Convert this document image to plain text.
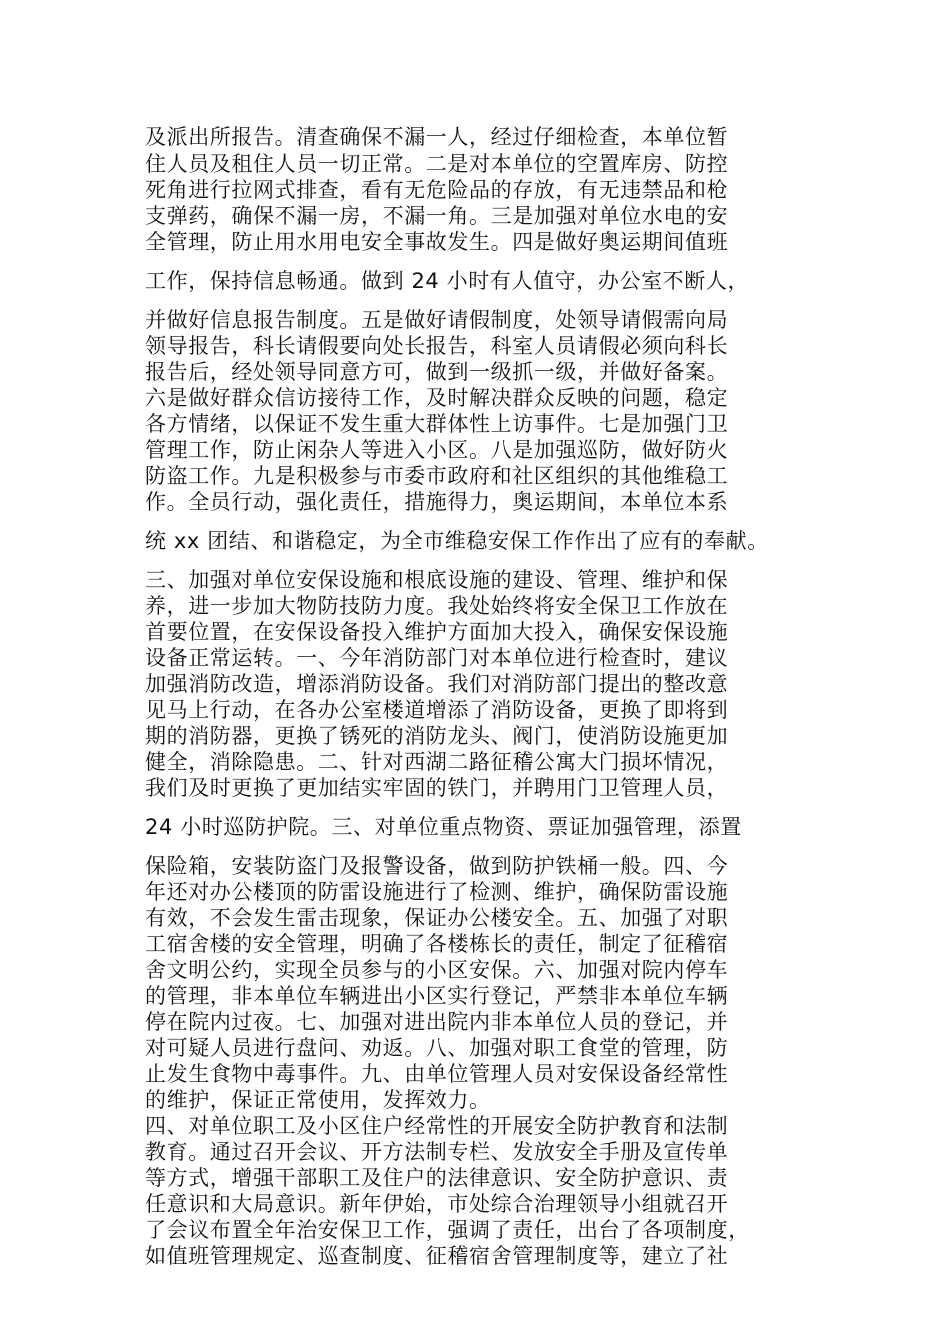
及派出所报告。清查确保不漏一人，经过仔细检查，本单位暂
住人员及租住人员一切正常。二是对本单位的空置库房、防控
死角进行拉网式排查，看有无危险品的存放，有无违禁品和枪
支弹药，确保不漏一房，不漏一角。三是加强对单位水电的安
全管理，防止用水用电安全事故发生。四是做好奥运期间值班
工作，保持信息畅通。做到 24 小时有人值守，办公室不断人，
并做好信息报告制度。五是做好请假制度，处领导请假需向局
领导报告，科长请假要向处长报告，科室人员请假必须向科长
报告后，经处领导同意方可，做到一级抓一级，并做好备案。
六是做好群众信访接待工作，及时解决群众反映的问题，稳定
各方情绪，以保证不发生重大群体性上访事件。七是加强门卫
管理工作，防止闲杂人等进入小区。八是加强巡防，做好防火
防盗工作。九是积极参与市委市政府和社区组织的其他维稳工
作。全员行动，强化责任，措施得力，奥运期间，本单位本系
统 xx 团结、和谐稳定，为全市维稳安保工作作出了应有的奉献。
三、加强对单位安保设施和根底设施的建设、管理、维护和保
养，进一步加大物防技防力度。我处始终将安全保卫工作放在
首要位置，在安保设备投入维护方面加大投入，确保安保设施
设备正常运转。一、今年消防部门对本单位进行检查时，建议
加强消防改造，增添消防设备。我们对消防部门提出的整改意
见马上行动，在各办公室楼道增添了消防设备，更换了即将到
期的消防器，更换了锈死的消防龙头、阀门，使消防设施更加
健全，消除隐患。二、针对西湖二路征稽公寓大门损坏情况，
我们及时更换了更加结实牢固的铁门，并聘用门卫管理人员，
24 小时巡防护院。三、对单位重点物资、票证加强管理，添置
保险箱，安装防盗门及报警设备，做到防护铁桶一般。四、今
年还对办公楼顶的防雷设施进行了检测、维护，确保防雷设施
有效，不会发生雷击现象，保证办公楼安全。五、加强了对职
工宿舍楼的安全管理，明确了各楼栋长的责任，制定了征稽宿
舍文明公约，实现全员参与的小区安保。六、加强对院内停车
的管理，非本单位车辆进出小区实行登记，严禁非本单位车辆
停在院内过夜。七、加强对进出院内非本单位人员的登记，并
对可疑人员进行盘问、劝返。八、加强对职工食堂的管理，防
止发生食物中毒事件。九、由单位管理人员对安保设备经常性
的维护，保证正常使用，发挥效力。
四、对单位职工及小区住户经常性的开展安全防护教育和法制
教育。通过召开会议、开方法制专栏、发放安全手册及宣传单
等方式，增强干部职工及住户的法律意识、安全防护意识、责
任意识和大局意识。新年伊始，市处综合治理领导小组就召开
了会议布置全年治安保卫工作，强调了责任，出台了各项制度，
如值班管理规定、巡查制度、征稽宿舍管理制度等，建立了社
